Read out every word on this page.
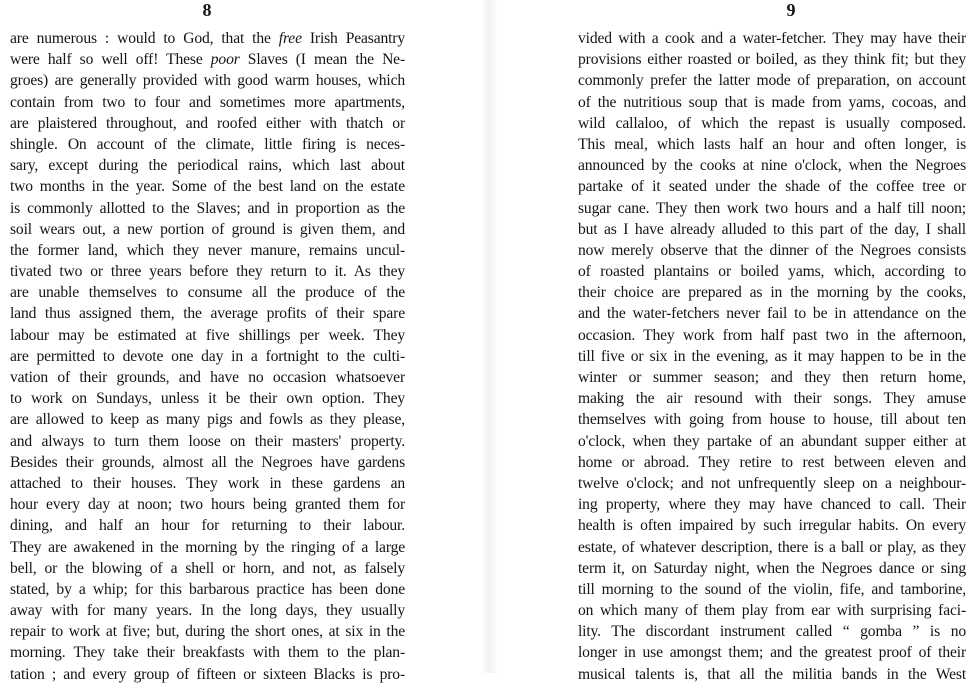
8
are numerous : would to God, that the free Irish Peasantry
were half so well off! These poor Slaves (I mean the Ne-
groes) are generally provided with good warm houses, which
contain from two to four and sometimes more apartments,
are plaistered throughout, and roofed either with thatch or
shingle. On account of the climate, little firing is neces-
sary, except during the periodical rains, which last about
two months in the year. Some of the best land on the estate
is commonly allotted to the Slaves; and in proportion as the
soil wears out, a new portion of ground is given them, and
the former land, which they never manure, remains uncul-
tivated two or three years before they return to it. As they
are unable themselves to consume all the produce of the
land thus assigned them, the average profits of their spare
labour may be estimated at five shillings per week. They
are permitted to devote one day in a fortnight to the culti-
vation of their grounds, and have no occasion whatsoever
to work on Sundays, unless it be their own option. They
are allowed to keep as many pigs and fowls as they please,
and always to turn them loose on their masters' property.
Besides their grounds, almost all the Negroes have gardens
attached to their houses. They work in these gardens an
hour every day at noon; two hours being granted them for
dining, and half an hour for returning to their labour.
They are awakened in the morning by the ringing of a large
bell, or the blowing of a shell or horn, and not, as falsely
stated, by a whip; for this barbarous practice has been done
away with for many years. In the long days, they usually
repair to work at five; but, during the short ones, at six in the
morning. They take their breakfasts with them to the plan-
tation ; and every group of fifteen or sixteen Blacks is pro-
9
vided with a cook and a water-fetcher. They may have their
provisions either roasted or boiled, as they think fit; but they
commonly prefer the latter mode of preparation, on account
of the nutritious soup that is made from yams, cocoas, and
wild callaloo, of which the repast is usually composed.
This meal, which lasts half an hour and often longer, is
announced by the cooks at nine o'clock, when the Negroes
partake of it seated under the shade of the coffee tree or
sugar cane. They then work two hours and a half till noon;
but as I have already alluded to this part of the day, I shall
now merely observe that the dinner of the Negroes consists
of roasted plantains or boiled yams, which, according to
their choice are prepared as in the morning by the cooks,
and the water-fetchers never fail to be in attendance on the
occasion. They work from half past two in the afternoon,
till five or six in the evening, as it may happen to be in the
winter or summer season; and they then return home,
making the air resound with their songs. They amuse
themselves with going from house to house, till about ten
o'clock, when they partake of an abundant supper either at
home or abroad. They retire to rest between eleven and
twelve o'clock; and not unfrequently sleep on a neighbour-
ing property, where they may have chanced to call. Their
health is often impaired by such irregular habits. On every
estate, of whatever description, there is a ball or play, as they
term it, on Saturday night, when the Negroes dance or sing
till morning to the sound of the violin, fife, and tamborine,
on which many of them play from ear with surprising faci-
lity. The discordant instrument called “ gomba ” is no
longer in use amongst them; and the greatest proof of their
musical talents is, that all the militia bands in the West
